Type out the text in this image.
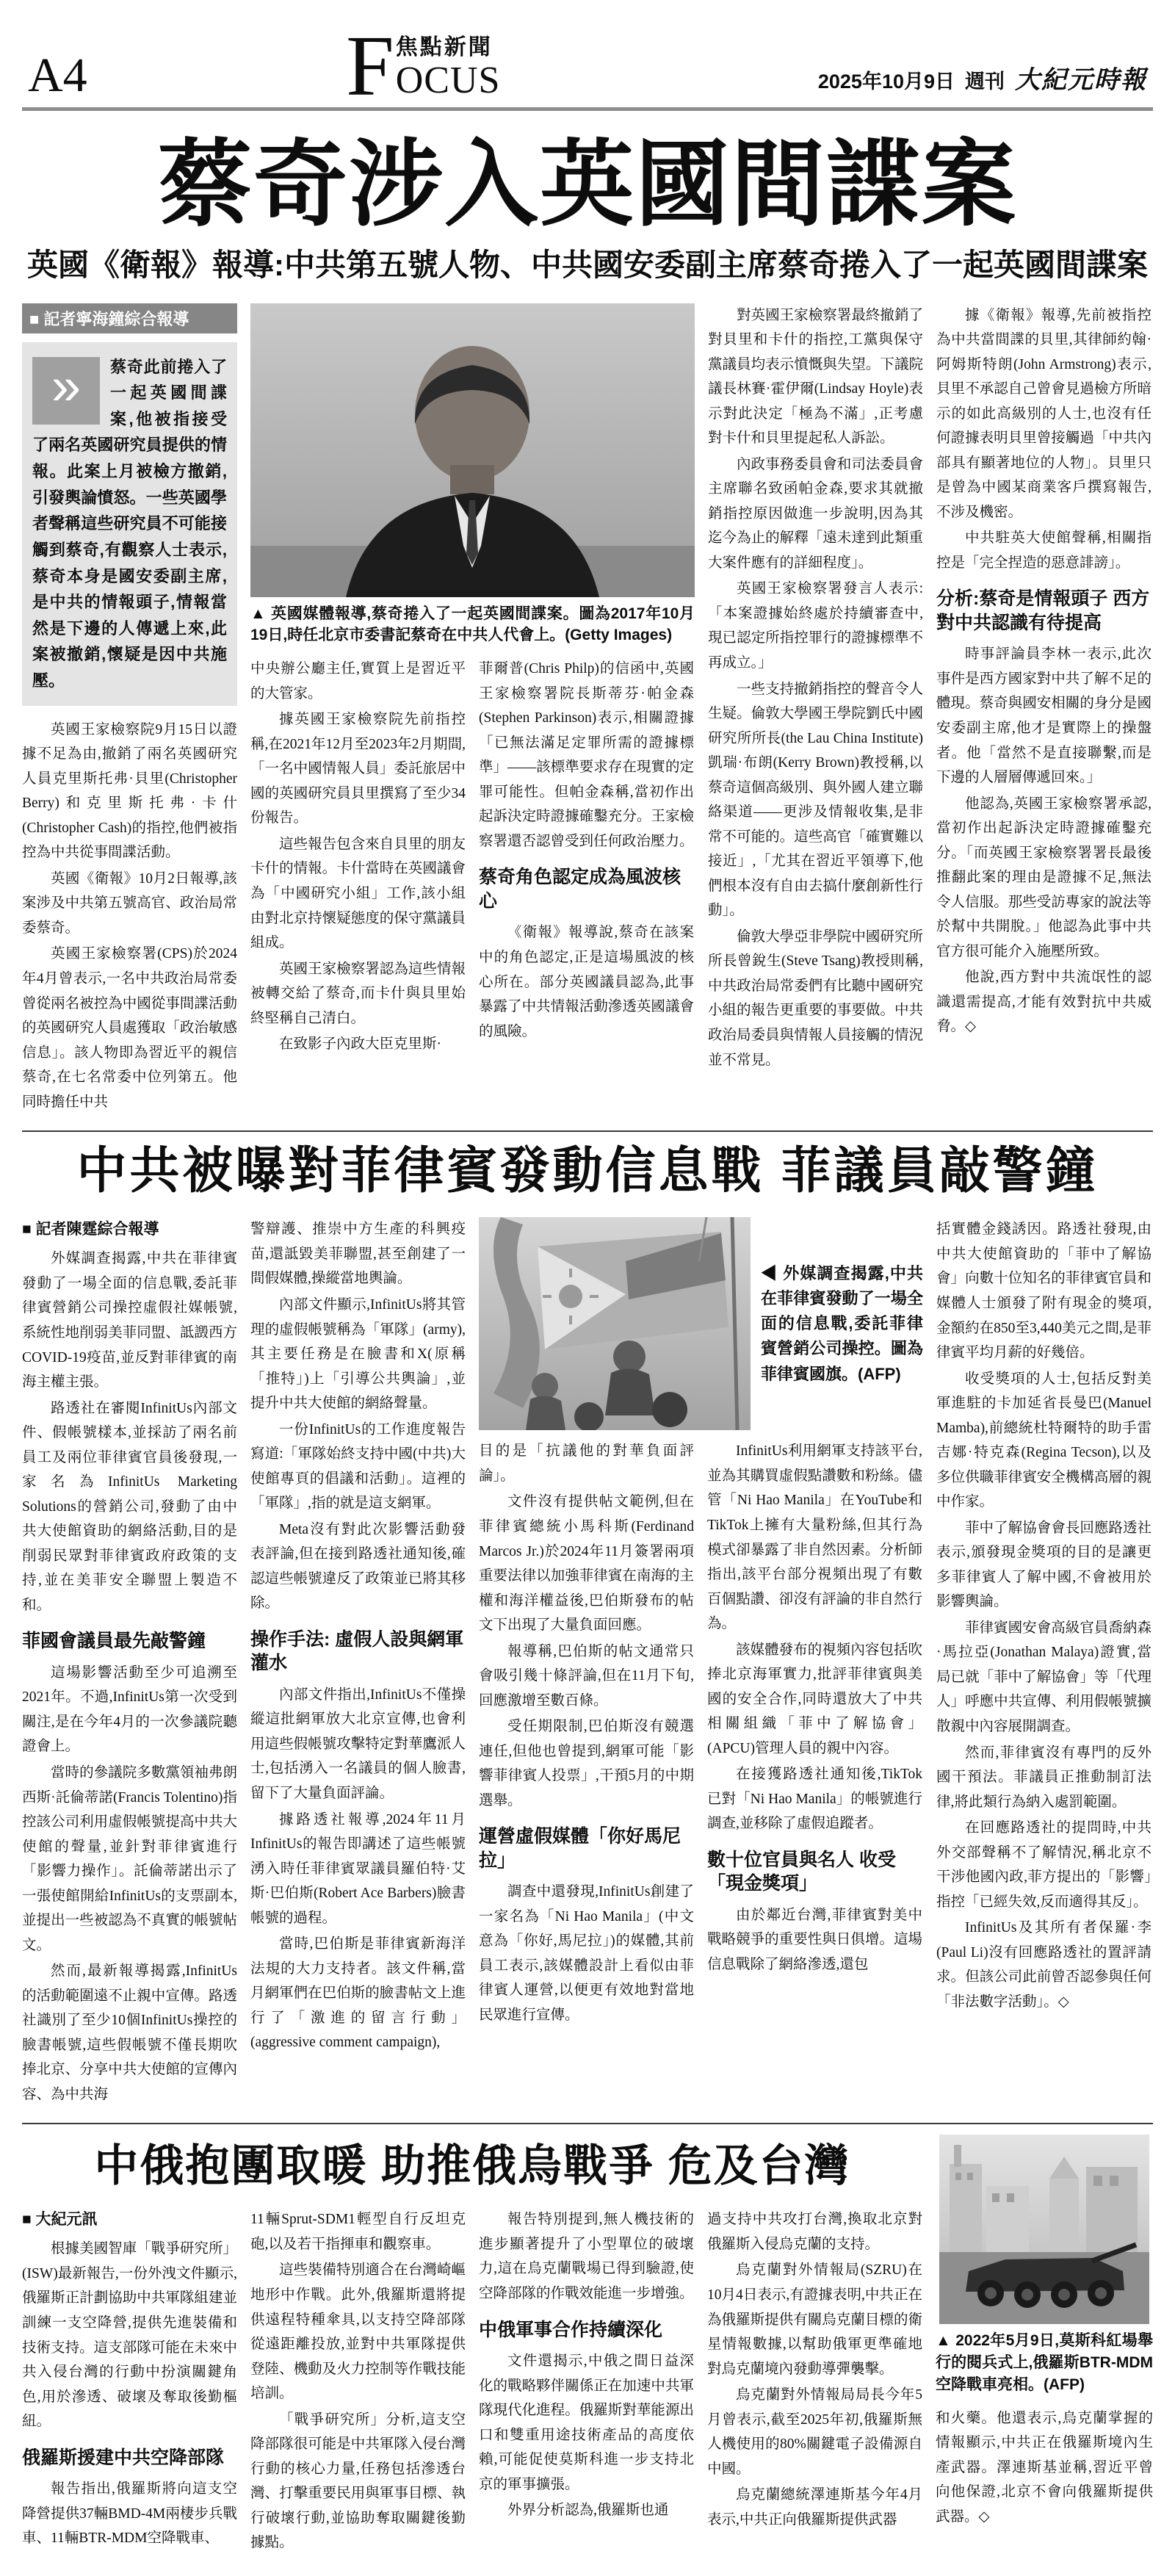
A4	F 焦點新聞
OCUS	2025年10月9日 週刊 大紀元時報
蔡奇涉入英國間諜案
英國《衛報》報導:中共第五號人物、中共國安委副主席蔡奇捲入了一起英國間諜案
■ 記者寧海鐘綜合報導
»	蔡奇此前捲入了一起英國間諜案,他被指接受了兩名英國研究員提供的情報。此案上月被檢方撤銷,引發輿論憤怒。一些英國學者聲稱這些研究員不可能接觸到蔡奇,有觀察人士表示,蔡奇本身是國安委副主席,是中共的情報頭子,情報當然是下邊的人傳遞上來,此案被撤銷,懷疑是因中共施壓。

英國王家檢察院9月15日以證據不足為由,撤銷了兩名英國研究人員克里斯托弗·貝里(Christopher Berry)和克里斯托弗·卡什(Christopher Cash)的指控,他們被指控為中共從事間諜活動。

英國《衛報》10月2日報導,該案涉及中共第五號高官、政治局常委蔡奇。

英國王家檢察署(CPS)於2024年4月曾表示,一名中共政治局常委曾從兩名被控為中國從事間諜活動的英國研究人員處獲取「政治敏感信息」。該人物即為習近平的親信蔡奇,在七名常委中位列第五。他同時擔任中共

▲ 英國媒體報導,蔡奇捲入了一起英國間諜案。圖為2017年10月19日,時任北京市委書記蔡奇在中共人代會上。(Getty Images)

中央辦公廳主任,實質上是習近平的大管家。

據英國王家檢察院先前指控稱,在2021年12月至2023年2月期間,「一名中國情報人員」委託旅居中國的英國研究員貝里撰寫了至少34份報告。

這些報告包含來自貝里的朋友卡什的情報。卡什當時在英國議會為「中國研究小組」工作,該小組由對北京持懷疑態度的保守黨議員組成。

英國王家檢察署認為這些情報被轉交給了蔡奇,而卡什與貝里始終堅稱自己清白。

在致影子內政大臣克里斯·

菲爾普(Chris Philp)的信函中,英國王家檢察署院長斯蒂芬·帕金森(Stephen Parkinson)表示,相關證據「已無法滿足定罪所需的證據標準」——該標準要求存在現實的定罪可能性。但帕金森稱,當初作出起訴決定時證據確鑿充分。王家檢察署還否認曾受到任何政治壓力。

蔡奇角色認定成為風波核心

《衛報》報導說,蔡奇在該案中的角色認定,正是這場風波的核心所在。部分英國議員認為,此事暴露了中共情報活動滲透英國議會的風險。

對英國王家檢察署最終撤銷了對貝里和卡什的指控,工黨與保守黨議員均表示憤慨與失望。下議院議長林賽·霍伊爾(Lindsay Hoyle)表示對此決定「極為不滿」,正考慮對卡什和貝里提起私人訴訟。

內政事務委員會和司法委員會主席聯名致函帕金森,要求其就撤銷指控原因做進一步說明,因為其迄今為止的解釋「遠未達到此類重大案件應有的詳細程度」。

英國王家檢察署發言人表示:「本案證據始終處於持續審查中,現已認定所指控罪行的證據標準不再成立。」

一些支持撤銷指控的聲音令人生疑。倫敦大學國王學院劉氏中國研究所所長(the Lau China Institute)凱瑞·布朗(Kerry Brown)教授稱,以蔡奇這個高級別、與外國人建立聯絡渠道——更涉及情報收集,是非常不可能的。這些高官「確實難以接近」,「尤其在習近平領導下,他們根本沒有自由去搞什麼創新性行動」。

倫敦大學亞非學院中國研究所所長曾銳生(Steve Tsang)教授則稱,中共政治局常委們有比聽中國研究小組的報告更重要的事要做。中共政治局委員與情報人員接觸的情況並不常見。

據《衛報》報導,先前被指控為中共當間諜的貝里,其律師約翰·阿姆斯特朗(John Armstrong)表示,貝里不承認自己曾會見過檢方所暗示的如此高級別的人士,也沒有任何證據表明貝里曾接觸過「中共內部具有顯著地位的人物」。貝里只是曾為中國某商業客戶撰寫報告,不涉及機密。

中共駐英大使館聲稱,相關指控是「完全捏造的惡意誹謗」。

分析:蔡奇是情報頭子 西方對中共認識有待提高

時事評論員李林一表示,此次事件是西方國家對中共了解不足的體現。蔡奇與國安相關的身分是國安委副主席,他才是實際上的操盤者。他「當然不是直接聯繫,而是下邊的人層層傳遞回來。」

他認為,英國王家檢察署承認,當初作出起訴決定時證據確鑿充分。「而英國王家檢察署署長最後推翻此案的理由是證據不足,無法令人信服。那些受訪專家的說法等於幫中共開脫。」他認為此事中共官方很可能介入施壓所致。

他說,西方對中共流氓性的認識還需提高,才能有效對抗中共威脅。◇

中共被曝對菲律賓發動信息戰 菲議員敲警鐘
■ 記者陳霆綜合報導

外媒調查揭露,中共在菲律賓發動了一場全面的信息戰,委託菲律賓營銷公司操控虛假社媒帳號,系統性地削弱美菲同盟、詆譭西方COVID-19疫苗,並反對菲律賓的南海主權主張。

路透社在審閱InfinitUs內部文件、假帳號樣本,並採訪了兩名前員工及兩位菲律賓官員後發現,一家名為InfinitUs Marketing Solutions的營銷公司,發動了由中共大使館資助的網絡活動,目的是削弱民眾對菲律賓政府政策的支持,並在美菲安全聯盟上製造不和。

菲國會議員最先敲警鐘

這場影響活動至少可追溯至2021年。不過,InfinitUs第一次受到關注,是在今年4月的一次參議院聽證會上。

當時的參議院多數黨領袖弗朗西斯·託倫蒂諾(Francis Tolentino)指控該公司利用虛假帳號提高中共大使館的聲量,並針對菲律賓進行「影響力操作」。託倫蒂諾出示了一張使館開給InfinitUs的支票副本,並提出一些被認為不真實的帳號帖文。

然而,最新報導揭露,InfinitUs的活動範圍遠不止親中宣傳。路透社識別了至少10個InfinitUs操控的臉書帳號,這些假帳號不僅長期吹捧北京、分享中共大使館的宣傳內容、為中共海

警辯護、推崇中方生產的科興疫苗,還詆毀美菲聯盟,甚至創建了一間假媒體,操縱當地輿論。

內部文件顯示,InfinitUs將其管理的虛假帳號稱為「軍隊」(army),其主要任務是在臉書和X(原稱「推特」)上「引導公共輿論」,並提升中共大使館的網絡聲量。

一份InfinitUs的工作進度報告寫道:「軍隊始終支持中國(中共)大使館專頁的倡議和活動」。這裡的「軍隊」,指的就是這支網軍。

Meta沒有對此次影響活動發表評論,但在接到路透社通知後,確認這些帳號違反了政策並已將其移除。

操作手法: 虛假人設與網軍灌水

內部文件指出,InfinitUs不僅操縱這批網軍放大北京宣傳,也會利用這些假帳號攻擊特定對華鷹派人士,包括湧入一名議員的個人臉書,留下了大量負面評論。

據路透社報導,2024年11月InfinitUs的報告即講述了這些帳號湧入時任菲律賓眾議員羅伯特·艾斯·巴伯斯(Robert Ace Barbers)臉書帳號的過程。

當時,巴伯斯是菲律賓新海洋法規的大力支持者。該文件稱,當月網軍們在巴伯斯的臉書帖文上進行了「激進的留言行動」(aggressive comment campaign),

◀ 外媒調查揭露,中共在菲律賓發動了一場全面的信息戰,委託菲律賓營銷公司操控。圖為菲律賓國旗。(AFP)

目的是「抗議他的對華負面評論」。

文件沒有提供帖文範例,但在菲律賓總統小馬科斯(Ferdinand Marcos Jr.)於2024年11月簽署兩項重要法律以加強菲律賓在南海的主權和海洋權益後,巴伯斯發布的帖文下出現了大量負面回應。

報導稱,巴伯斯的帖文通常只會吸引幾十條評論,但在11月下旬,回應激增至數百條。

受任期限制,巴伯斯沒有競選連任,但他也曾提到,網軍可能「影響菲律賓人投票」,干預5月的中期選舉。

運營虛假媒體「你好馬尼拉」

調查中還發現,InfinitUs創建了一家名為「Ni Hao Manila」(中文意為「你好,馬尼拉」)的媒體,其前員工表示,該媒體設計上看似由菲律賓人運營,以便更有效地對當地民眾進行宣傳。

InfinitUs利用網軍支持該平台,並為其購買虛假點讚數和粉絲。儘管「Ni Hao Manila」在YouTube和TikTok上擁有大量粉絲,但其行為模式卻暴露了非自然因素。分析師指出,該平台部分視頻出現了有數百個點讚、卻沒有評論的非自然行為。

該媒體發布的視頻內容包括吹捧北京海軍實力,批評菲律賓與美國的安全合作,同時還放大了中共相關組織「菲中了解協會」(APCU)管理人員的親中內容。

在接獲路透社通知後,TikTok已對「Ni Hao Manila」的帳號進行調查,並移除了虛假追蹤者。

數十位官員與名人 收受「現金獎項」

由於鄰近台灣,菲律賓對美中戰略競爭的重要性與日俱增。這場信息戰除了網絡滲透,還包

括實體金錢誘因。路透社發現,由中共大使館資助的「菲中了解協會」向數十位知名的菲律賓官員和媒體人士頒發了附有現金的獎項,金額約在850至3,440美元之間,是菲律賓平均月薪的好幾倍。

收受獎項的人士,包括反對美軍進駐的卡加延省長曼巴(Manuel Mamba),前總統杜特爾特的助手雷吉娜·特克森(Regina Tecson),以及多位供職菲律賓安全機構高層的親中作家。

菲中了解協會會長回應路透社表示,頒發現金獎項的目的是讓更多菲律賓人了解中國,不會被用於影響輿論。

菲律賓國安會高級官員喬納森·馬拉亞(Jonathan Malaya)證實,當局已就「菲中了解協會」等「代理人」呼應中共宣傳、利用假帳號擴散親中內容展開調查。

然而,菲律賓沒有專門的反外國干預法。菲議員正推動制訂法律,將此類行為納入處罰範圍。

在回應路透社的提問時,中共外交部聲稱不了解情況,稱北京不干涉他國內政,菲方提出的「影響」指控「已經失效,反而適得其反」。

InfinitUs及其所有者保羅·李(Paul Li)沒有回應路透社的置評請求。但該公司此前曾否認參與任何「非法數字活動」。◇

中俄抱團取暖 助推俄烏戰爭 危及台灣
■ 大紀元訊

根據美國智庫「戰爭研究所」(ISW)最新報告,一份外洩文件顯示,俄羅斯正計劃協助中共軍隊組建並訓練一支空降營,提供先進裝備和技術支持。這支部隊可能在未來中共入侵台灣的行動中扮演關鍵角色,用於滲透、破壞及奪取後勤樞紐。

俄羅斯援建中共空降部隊

報告指出,俄羅斯將向這支空降營提供37輛BMD-4M兩棲步兵戰車、11輛BTR-MDM空降戰車、

11輛Sprut-SDM1輕型自行反坦克砲,以及若干指揮車和觀察車。

這些裝備特別適合在台灣崎嶇地形中作戰。此外,俄羅斯還將提供遠程特種傘具,以支持空降部隊從遠距離投放,並對中共軍隊提供登陸、機動及火力控制等作戰技能培訓。

「戰爭研究所」分析,這支空降部隊很可能是中共軍隊入侵台灣行動的核心力量,任務包括滲透台灣、打擊重要民用與軍事目標、執行破壞行動,並協助奪取關鍵後勤據點。

報告特別提到,無人機技術的進步顯著提升了小型單位的破壞力,這在烏克蘭戰場已得到驗證,使空降部隊的作戰效能進一步增強。

中俄軍事合作持續深化

文件還揭示,中俄之間日益深化的戰略夥伴關係正在加速中共軍隊現代化進程。俄羅斯對華能源出口和雙重用途技術產品的高度依賴,可能促使莫斯科進一步支持北京的軍事擴張。

外界分析認為,俄羅斯也通

過支持中共攻打台灣,換取北京對俄羅斯入侵烏克蘭的支持。

烏克蘭對外情報局(SZRU)在10月4日表示,有證據表明,中共正在為俄羅斯提供有關烏克蘭目標的衛星情報數據,以幫助俄軍更準確地對烏克蘭境內發動導彈襲擊。

烏克蘭對外情報局局長今年5月曾表示,截至2025年初,俄羅斯無人機使用的80%關鍵電子設備源自中國。

烏克蘭總統澤連斯基今年4月表示,中共正向俄羅斯提供武器

▲ 2022年5月9日,莫斯科紅場舉行的閱兵式上,俄羅斯BTR-MDM空降戰車亮相。(AFP)

和火藥。他還表示,烏克蘭掌握的情報顯示,中共正在俄羅斯境內生產武器。澤連斯基並稱,習近平曾向他保證,北京不會向俄羅斯提供武器。◇
